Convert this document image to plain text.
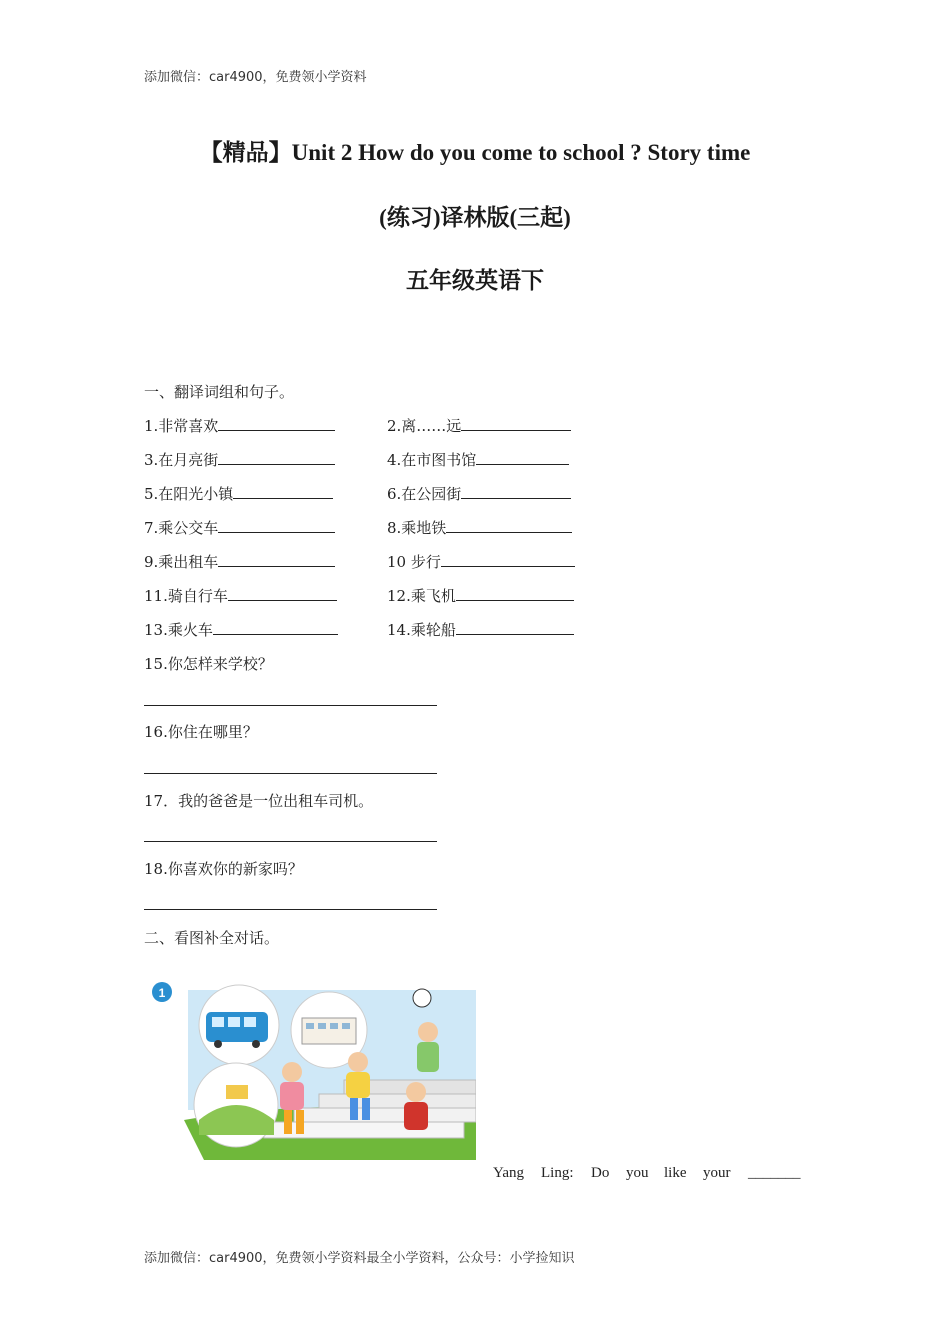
添加微信：car4900，免费领小学资料
【精品】Unit 2 How do you come to school ? Story time
(练习)译林版(三起)
五年级英语下
一、翻译词组和句子。
1.非常喜欢	2.离……远
3.在月亮街	4.在市图书馆
5.在阳光小镇	6.在公园街
7.乘公交车	8.乘地铁
9.乘出租车	10 步行
11.骑自行车	12.乘飞机
13.乘火车	14.乘轮船
15.你怎样来学校？
16.你住在哪里？
17．我的爸爸是一位出租车司机。
18.你喜欢你的新家吗？
二、看图补全对话。
1
Yang Ling: Do you like your _______
添加微信：car4900，免费领小学资料最全小学资料，公众号：小学捡知识
